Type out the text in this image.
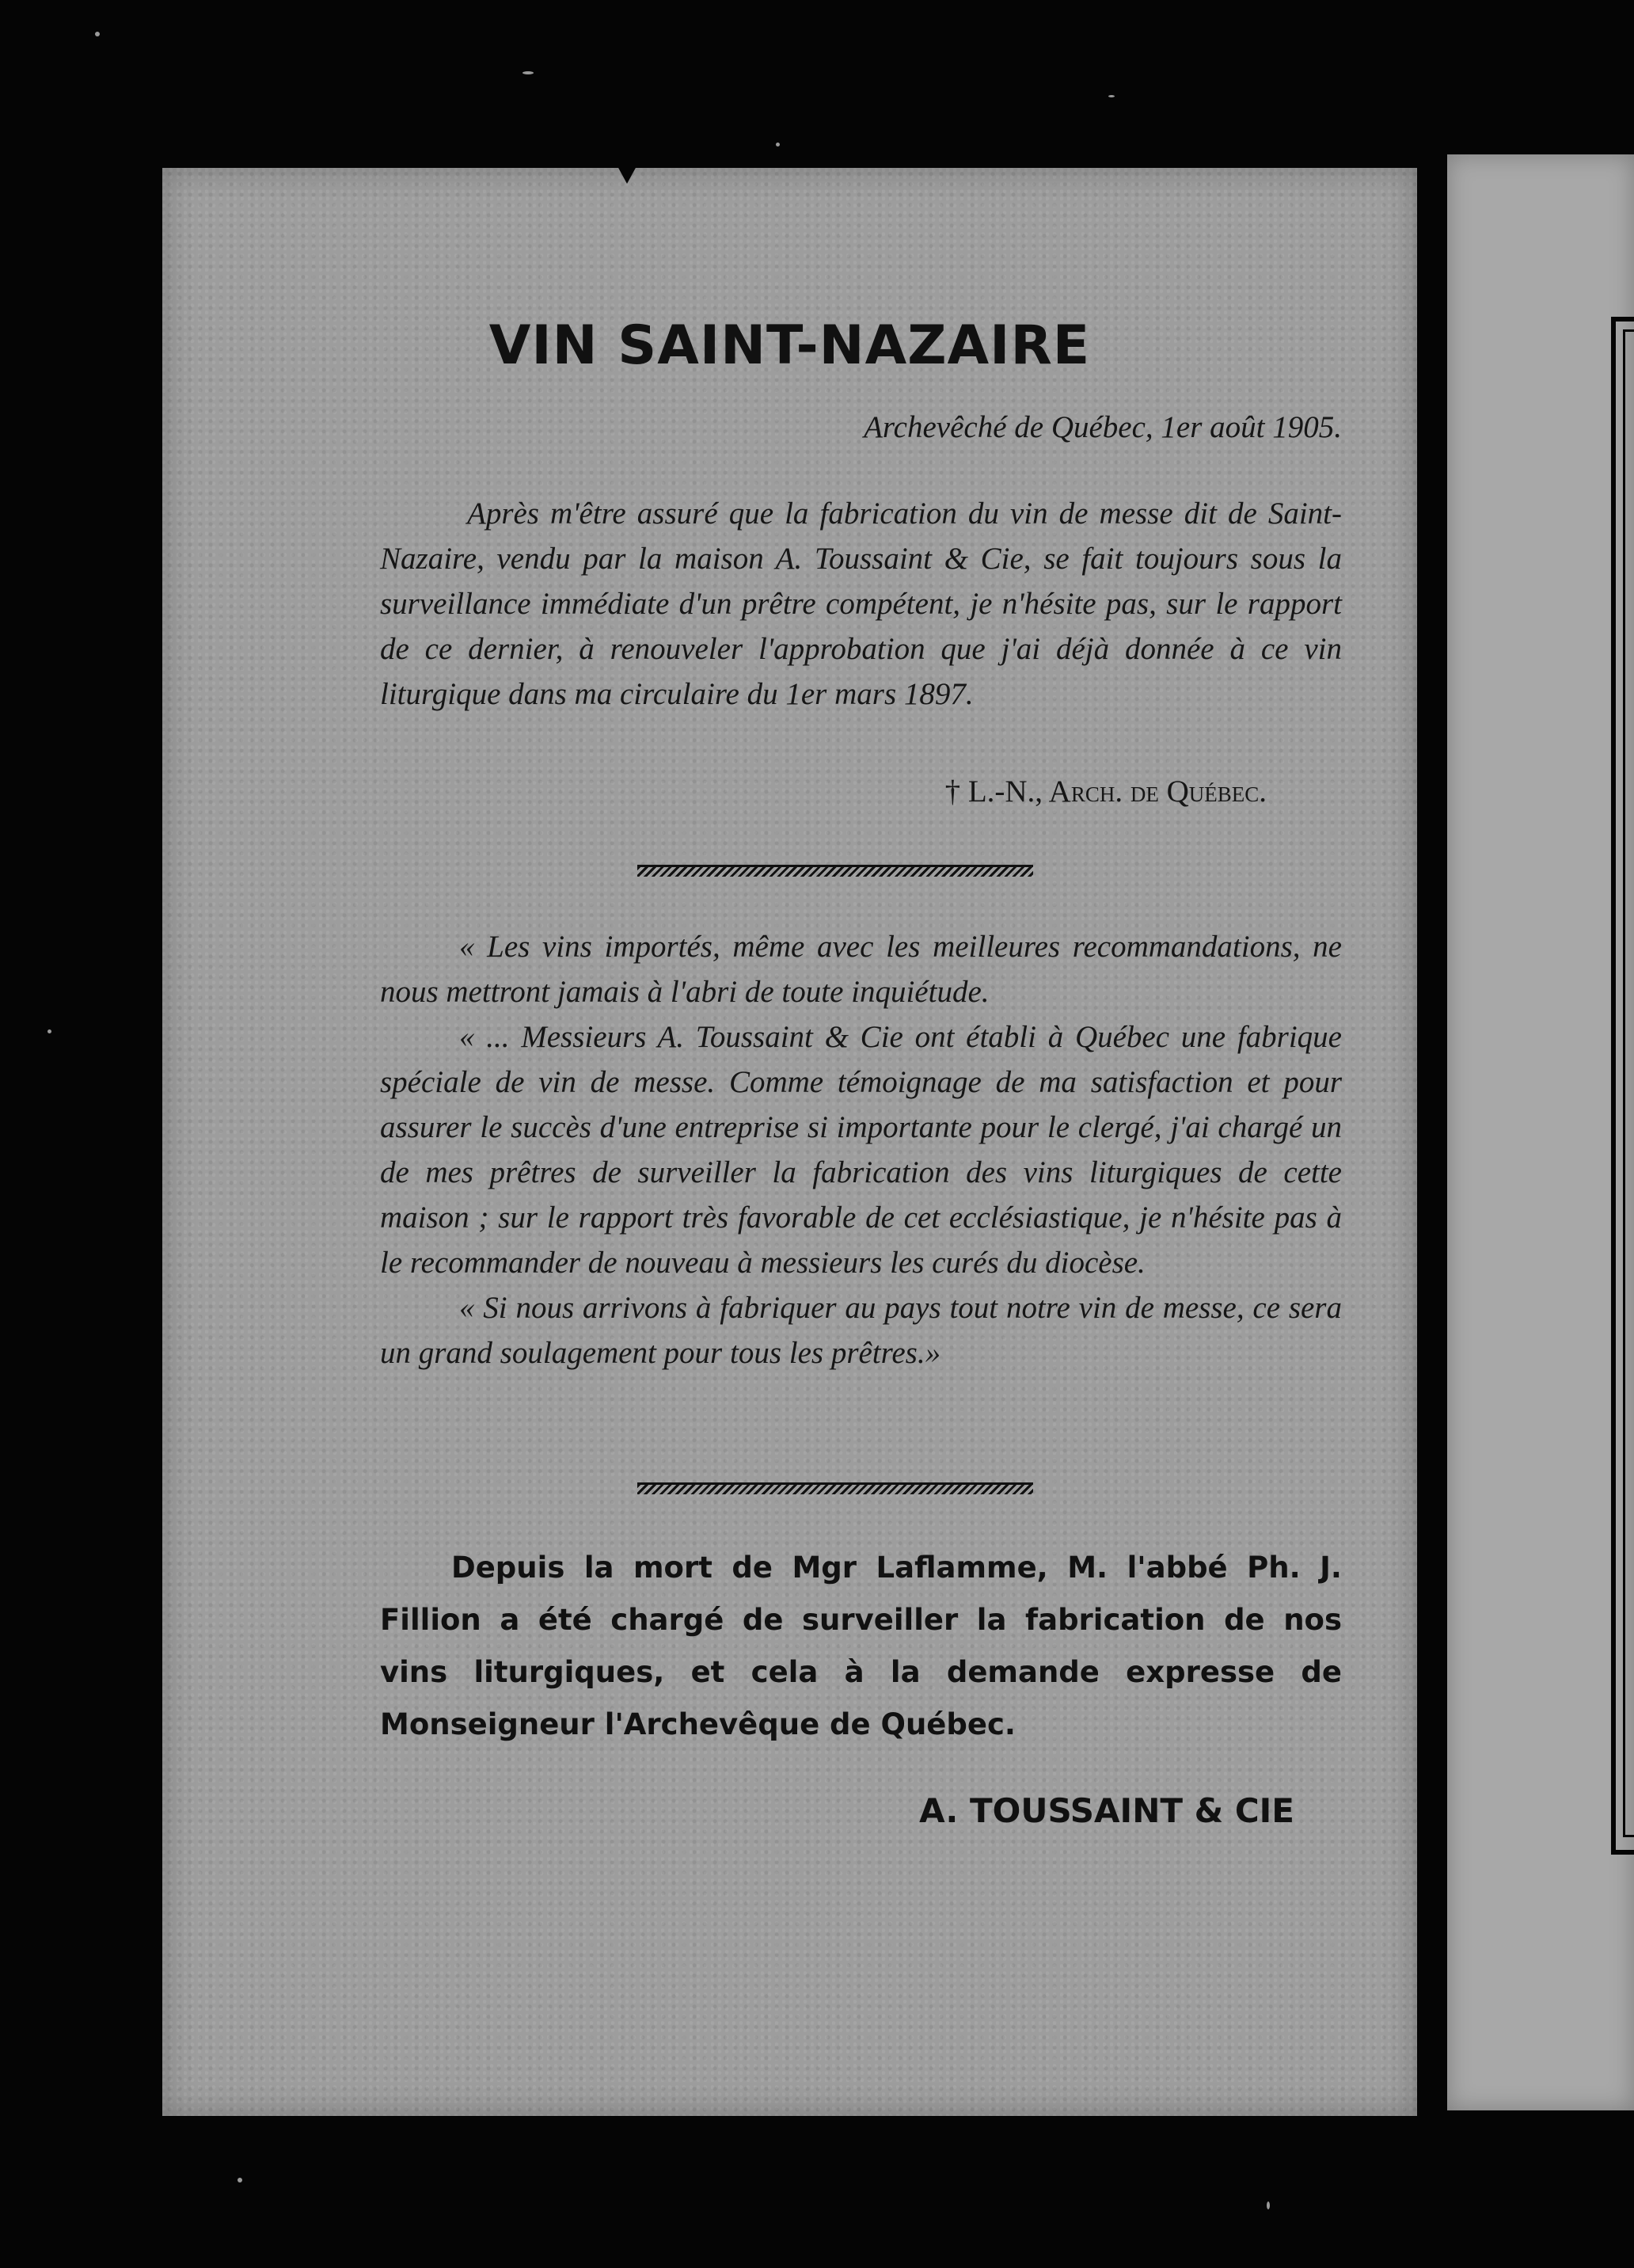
VIN SAINT-NAZAIRE
Archevêché de Québec, 1er août 1905.

Après m'être assuré que la fabrication du vin de messe dit de Saint-Nazaire, vendu par la maison A. Toussaint & Cie, se fait toujours sous la surveillance immédiate d'un prêtre compétent, je n'hésite pas, sur le rapport de ce dernier, à renouveler l'approbation que j'ai déjà donnée à ce vin liturgique dans ma circulaire du 1er mars 1897.

† L.-N., Arch. de Québec.

« Les vins importés, même avec les meilleures recommandations, ne nous mettront jamais à l'abri de toute inquiétude.

« ... Messieurs A. Toussaint & Cie ont établi à Québec une fabrique spéciale de vin de messe. Comme témoignage de ma satisfaction et pour assurer le succès d'une entreprise si importante pour le clergé, j'ai chargé un de mes prêtres de surveiller la fabrication des vins liturgiques de cette maison ; sur le rapport très favorable de cet ecclésiastique, je n'hésite pas à le recommander de nouveau à messieurs les curés du diocèse.

« Si nous arrivons à fabriquer au pays tout notre vin de messe, ce sera un grand soulagement pour tous les prêtres.»

Depuis la mort de Mgr Laflamme, M. l'abbé Ph. J. Fillion a été chargé de surveiller la fabrication de nos vins liturgiques, et cela à la demande expresse de Monseigneur l'Archevêque de Québec.
A. TOUSSAINT & CIE
